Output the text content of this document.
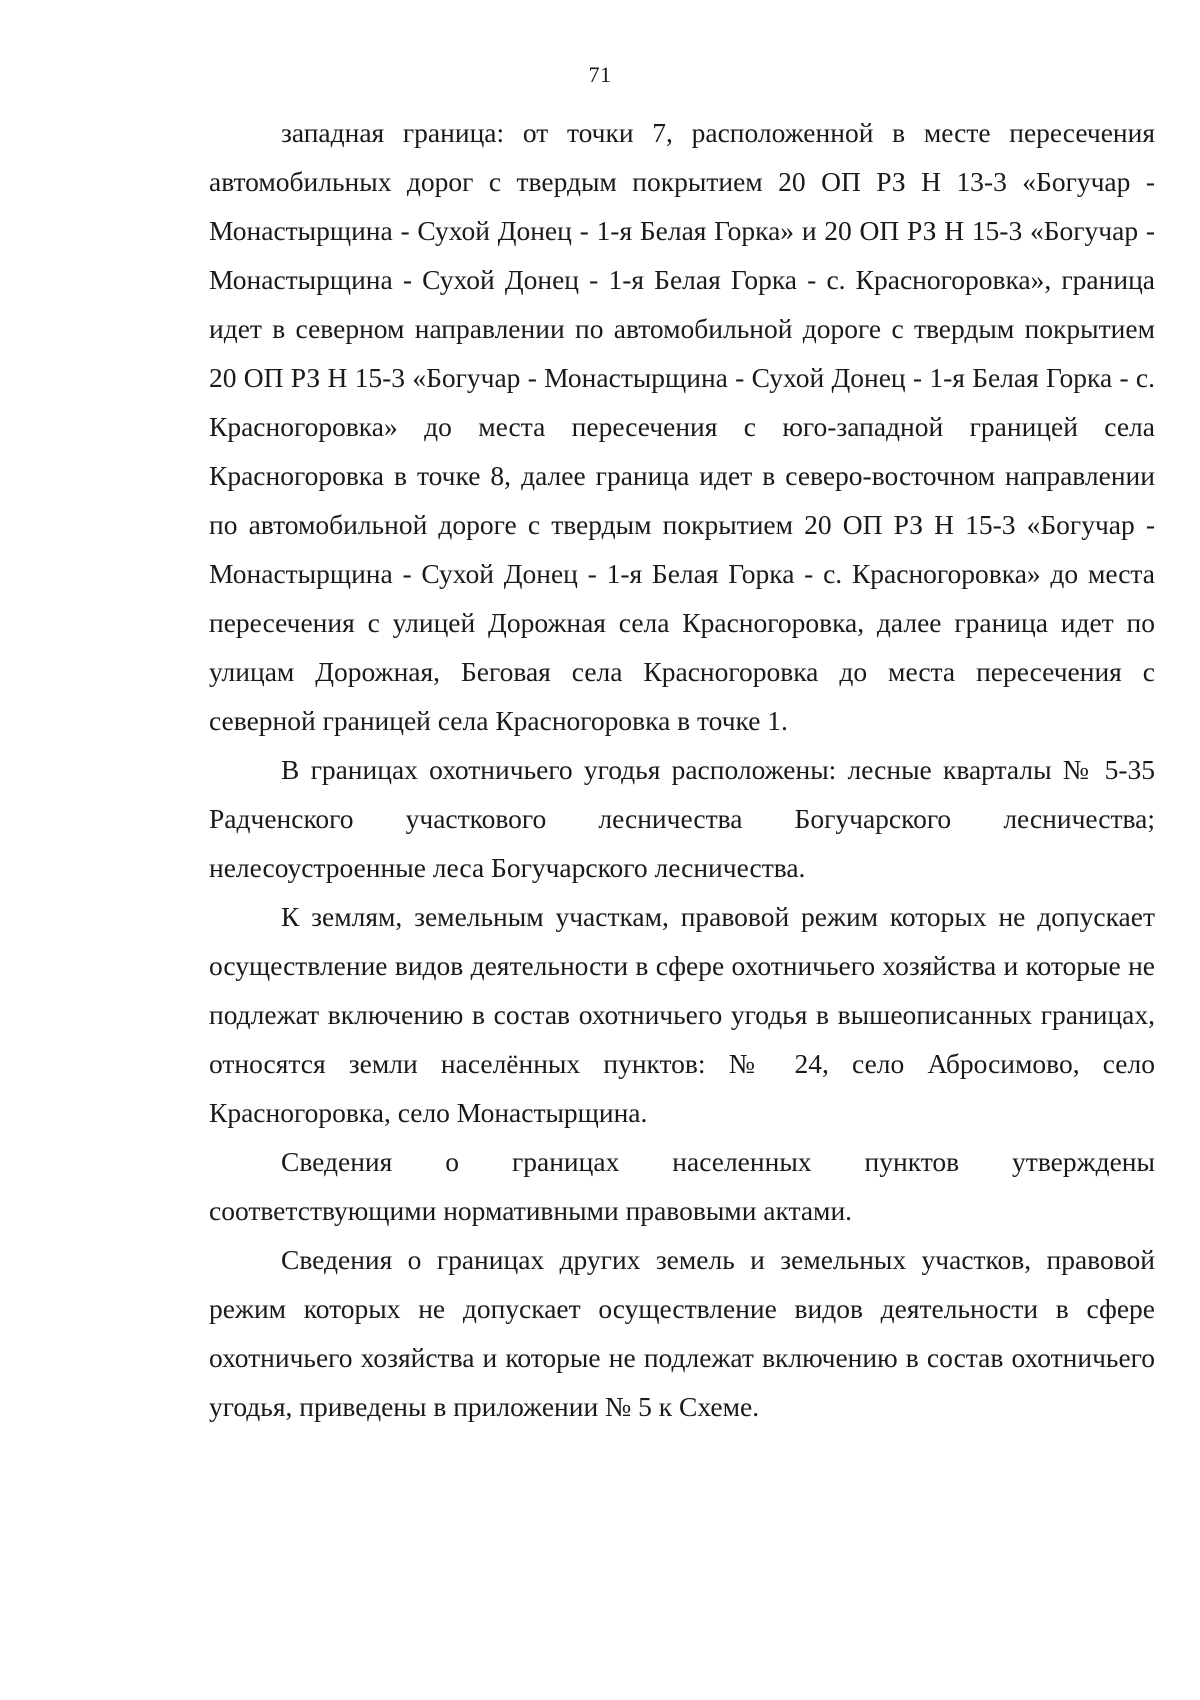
71

западная граница: от точки 7, расположенной в месте пересечения автомобильных дорог с твердым покрытием 20 ОП РЗ Н 13-3 «Богучар - Монастырщина - Сухой Донец - 1-я Белая Горка» и 20 ОП РЗ Н 15-3 «Богучар - Монастырщина - Сухой Донец - 1-я Белая Горка - с. Красногоровка», граница идет в северном направлении по автомобильной дороге с твердым покрытием 20 ОП РЗ Н 15-3 «Богучар - Монастырщина - Сухой Донец - 1-я Белая Горка - с. Красногоровка» до места пересечения с юго-западной границей села Красногоровка в точке 8, далее граница идет в северо-восточном направлении по автомобильной дороге с твердым покрытием 20 ОП РЗ Н 15-3 «Богучар - Монастырщина - Сухой Донец - 1-я Белая Горка - с. Красногоровка» до места пересечения с улицей Дорожная села Красногоровка, далее граница идет по улицам Дорожная, Беговая села Красногоровка до места пересечения с северной границей села Красногоровка в точке 1.

В границах охотничьего угодья расположены: лесные кварталы № 5-35 Радченского участкового лесничества Богучарского лесничества; нелесоустроенные леса Богучарского лесничества.

К землям, земельным участкам, правовой режим которых не допускает осуществление видов деятельности в сфере охотничьего хозяйства и которые не подлежат включению в состав охотничьего угодья в вышеописанных границах, относятся земли населённых пунктов: № 24, село Абросимово, село Красногоровка, село Монастырщина.

Сведения о границах населенных пунктов утверждены соответствующими нормативными правовыми актами.

Сведения о границах других земель и земельных участков, правовой режим которых не допускает осуществление видов деятельности в сфере охотничьего хозяйства и которые не подлежат включению в состав охотничьего угодья, приведены в приложении № 5 к Схеме.
